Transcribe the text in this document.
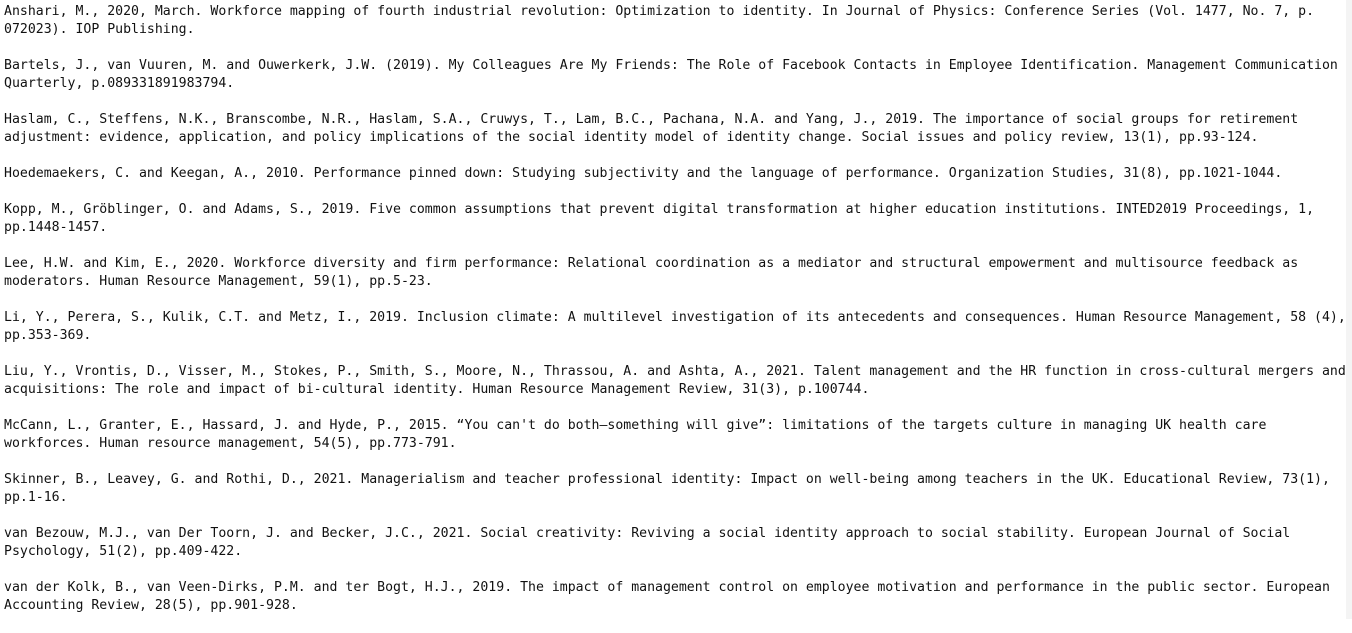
Anshari, M., 2020, March. Workforce mapping of fourth industrial revolution: Optimization to identity. In Journal of Physics: Conference Series (Vol. 1477, No. 7, p. 072023). IOP Publishing.

Bartels, J., van Vuuren, M. and Ouwerkerk, J.W. (2019). My Colleagues Are My Friends: The Role of Facebook Contacts in Employee Identification. Management Communication Quarterly, p.089331891983794.

Haslam, C., Steffens, N.K., Branscombe, N.R., Haslam, S.A., Cruwys, T., Lam, B.C., Pachana, N.A. and Yang, J., 2019. The importance of social groups for retirement adjustment: evidence, application, and policy implications of the social identity model of identity change. Social issues and policy review, 13(1), pp.93-124.

Hoedemaekers, C. and Keegan, A., 2010. Performance pinned down: Studying subjectivity and the language of performance. Organization Studies, 31(8), pp.1021-1044.

Kopp, M., Gröblinger, O. and Adams, S., 2019. Five common assumptions that prevent digital transformation at higher education institutions. INTED2019 Proceedings, 1, pp.1448-1457.

Lee, H.W. and Kim, E., 2020. Workforce diversity and firm performance: Relational coordination as a mediator and structural empowerment and multisource feedback as moderators. Human Resource Management, 59(1), pp.5-23.

Li, Y., Perera, S., Kulik, C.T. and Metz, I., 2019. Inclusion climate: A multilevel investigation of its antecedents and consequences. Human Resource Management, 58 (4), pp.353-369.

Liu, Y., Vrontis, D., Visser, M., Stokes, P., Smith, S., Moore, N., Thrassou, A. and Ashta, A., 2021. Talent management and the HR function in cross-cultural mergers and acquisitions: The role and impact of bi-cultural identity. Human Resource Management Review, 31(3), p.100744.

McCann, L., Granter, E., Hassard, J. and Hyde, P., 2015. “You can't do both—something will give”: limitations of the targets culture in managing UK health care workforces. Human resource management, 54(5), pp.773-791.

Skinner, B., Leavey, G. and Rothi, D., 2021. Managerialism and teacher professional identity: Impact on well-being among teachers in the UK. Educational Review, 73(1), pp.1-16.

van Bezouw, M.J., van Der Toorn, J. and Becker, J.C., 2021. Social creativity: Reviving a social identity approach to social stability. European Journal of Social Psychology, 51(2), pp.409-422.

van der Kolk, B., van Veen-Dirks, P.M. and ter Bogt, H.J., 2019. The impact of management control on employee motivation and performance in the public sector. European Accounting Review, 28(5), pp.901-928.
